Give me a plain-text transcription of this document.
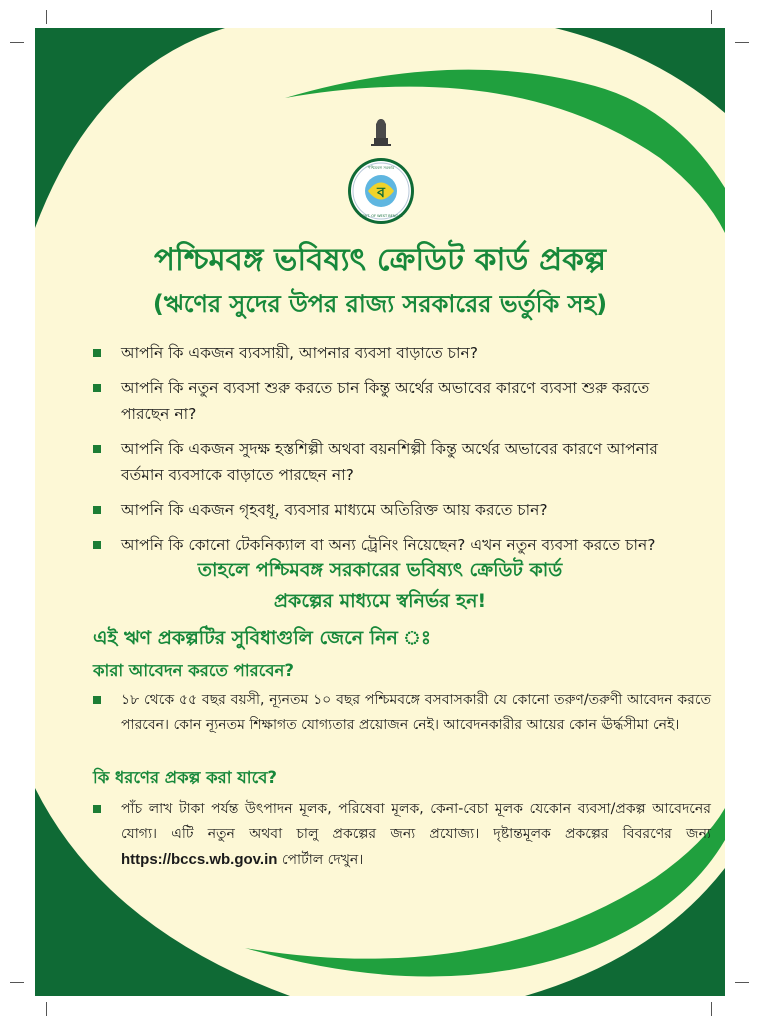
ব
পশ্চিমবঙ্গ সরকার
GOVT. OF WEST BENGAL
পশ্চিমবঙ্গ ভবিষ্যৎ ক্রেডিট কার্ড প্রকল্প
(ঋণের সুদের উপর রাজ্য সরকারের ভর্তুকি সহ)
আপনি কি একজন ব্যবসায়ী, আপনার ব্যবসা বাড়াতে চান?
আপনি কি নতুন ব্যবসা শুরু করতে চান কিন্তু অর্থের অভাবের কারণে ব্যবসা শুরু করতে পারছেন না?
আপনি কি একজন সুদক্ষ হস্তশিল্পী অথবা বয়নশিল্পী কিন্তু অর্থের অভাবের কারণে আপনার বর্তমান ব্যবসাকে বাড়াতে পারছেন না?
আপনি কি একজন গৃহবধূ, ব্যবসার মাধ্যমে অতিরিক্ত আয় করতে চান?
আপনি কি কোনো টেকনিক্যাল বা অন্য ট্রেনিং নিয়েছেন? এখন নতুন ব্যবসা করতে চান?
তাহলে পশ্চিমবঙ্গ সরকারের ভবিষ্যৎ ক্রেডিট কার্ড
প্রকল্পের মাধ্যমে স্বনির্ভর হন!
এই ঋণ প্রকল্পটির সুবিধাগুলি জেনে নিন ঃ
কারা আবেদন করতে পারবেন?
১৮ থেকে ৫৫ বছর বয়সী, ন্যূনতম ১০ বছর পশ্চিমবঙ্গে বসবাসকারী যে কোনো তরুণ/তরুণী আবেদন করতে পারবেন। কোন ন্যূনতম শিক্ষাগত যোগ্যতার প্রয়োজন নেই। আবেদনকারীর আয়ের কোন ঊর্দ্ধসীমা নেই।
কি ধরণের প্রকল্প করা যাবে?
পাঁচ লাখ টাকা পর্যন্ত উৎপাদন মূলক, পরিষেবা মূলক, কেনা-বেচা মূলক যেকোন ব্যবসা/প্রকল্প আবেদনের যোগ্য। এটি নতুন অথবা চালু প্রকল্পের জন্য প্রযোজ্য। দৃষ্টান্তমূলক প্রকল্পের বিবরণের জন্য https://bccs.wb.gov.in পোর্টাল দেখুন।
